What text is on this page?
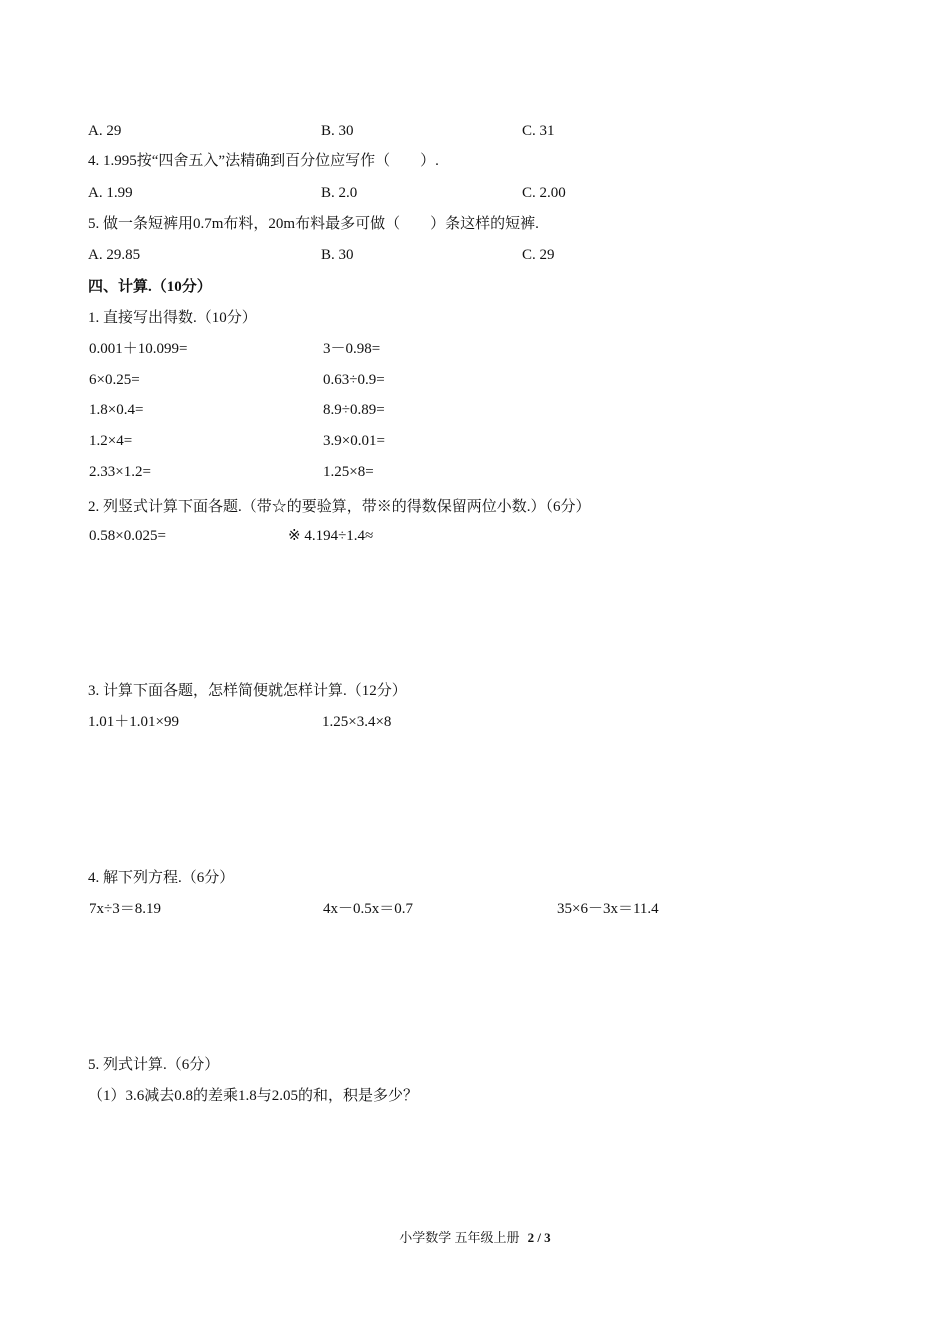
A. 29	B. 30	C. 31
4. 1.995按“四舍五入”法精确到百分位应写作（　　）.
A. 1.99	B. 2.0	C. 2.00
5. 做一条短裤用0.7m布料，20m布料最多可做（　　）条这样的短裤.
A. 29.85	B. 30	C. 29
四、计算.（10分）
1. 直接写出得数.（10分）
0.001＋10.099=	3－0.98=
6×0.25=	0.63÷0.9=
1.8×0.4=	8.9÷0.89=
1.2×4=	3.9×0.01=
2.33×1.2=	1.25×8=
2. 列竖式计算下面各题.（带☆的要验算，带※的得数保留两位小数.）（6分）
0.58×0.025=	※ 4.194÷1.4≈
3. 计算下面各题，怎样简便就怎样计算.（12分）
1.01＋1.01×99	1.25×3.4×8
4. 解下列方程.（6分）
7x÷3＝8.19	4x－0.5x＝0.7	35×6－3x＝11.4
5. 列式计算.（6分）
（1）3.6减去0.8的差乘1.8与2.05的和，积是多少？
小学数学 五年级上册 2 / 3
